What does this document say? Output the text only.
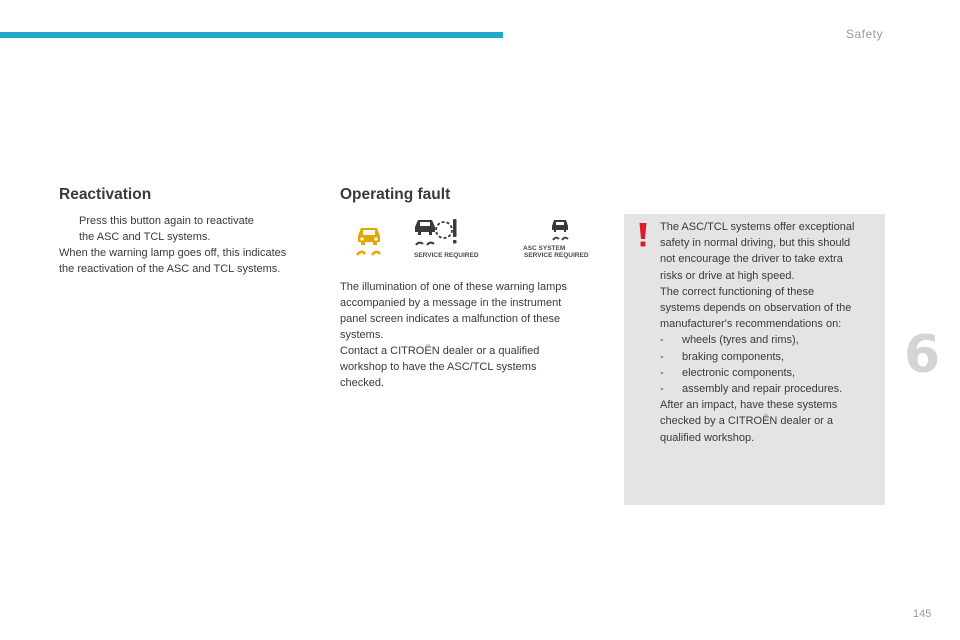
Safety
6
Reactivation
Press this button again to reactivate
the ASC and TCL systems.

When the warning lamp goes off, this indicates
the reactivation of the ASC and TCL systems.

Operating fault
SERVICE REQUIRED
ASC SYSTEM
SERVICE REQUIRED

The illumination of one of these warning lamps
accompanied by a message in the instrument
panel screen indicates a malfunction of these
systems.

Contact a CITROËN dealer or a qualified
workshop to have the ASC/TCL systems
checked.

The ASC/TCL systems offer exceptional
safety in normal driving, but this should
not encourage the driver to take extra
risks or drive at high speed.
The correct functioning of these
systems depends on observation of the
manufacturer's recommendations on:

-	wheels (tyres and rims),
-	braking components,
-	electronic components,
-	assembly and repair procedures.

After an impact, have these systems
checked by a CITROËN dealer or a
qualified workshop.

145
